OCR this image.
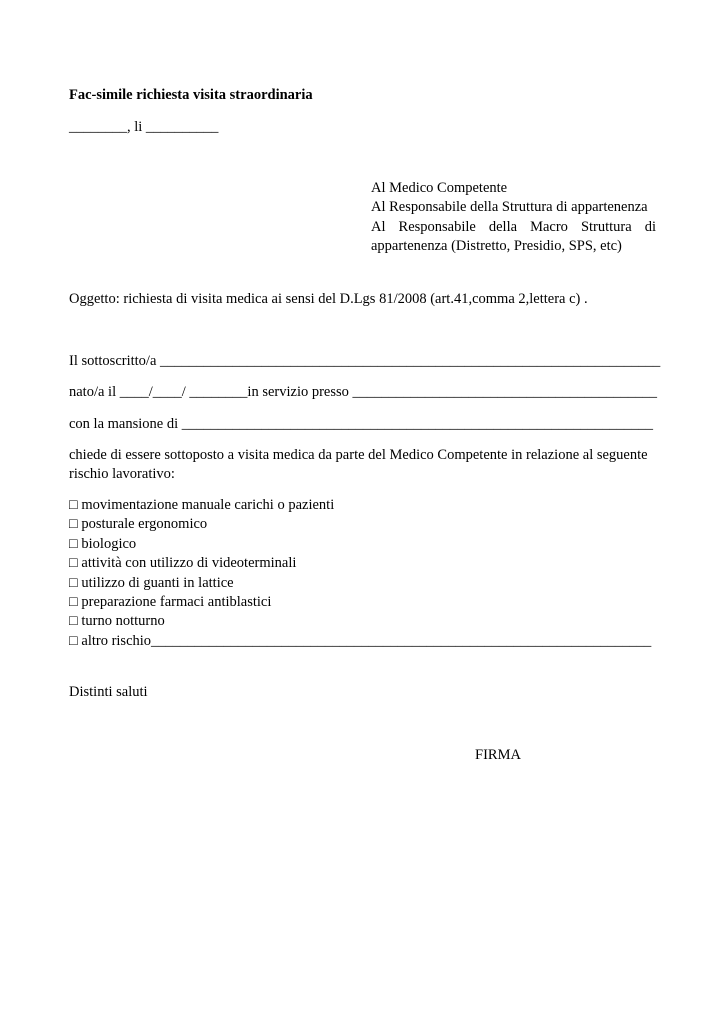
Fac-simile richiesta visita straordinaria
________, li __________
Al Medico Competente
Al Responsabile della Struttura di appartenenza
Al Responsabile della Macro Struttura di
appartenenza (Distretto, Presidio, SPS, etc)
Oggetto: richiesta di visita medica ai sensi del D.Lgs 81/2008 (art.41,comma 2,lettera c) .
Il sottoscritto/a _____________________________________________________________________
nato/a il ____/____/ ________in servizio presso __________________________________________
con la mansione di _________________________________________________________________
chiede di essere sottoposto a visita medica da parte del Medico Competente in relazione al seguente
rischio lavorativo:
□ movimentazione manuale carichi o pazienti
□ posturale ergonomico
□ biologico
□ attività con utilizzo di videoterminali
□ utilizzo di guanti in lattice
□ preparazione farmaci antiblastici
□ turno notturno
□ altro rischio_____________________________________________________________________
Distinti saluti
FIRMA
